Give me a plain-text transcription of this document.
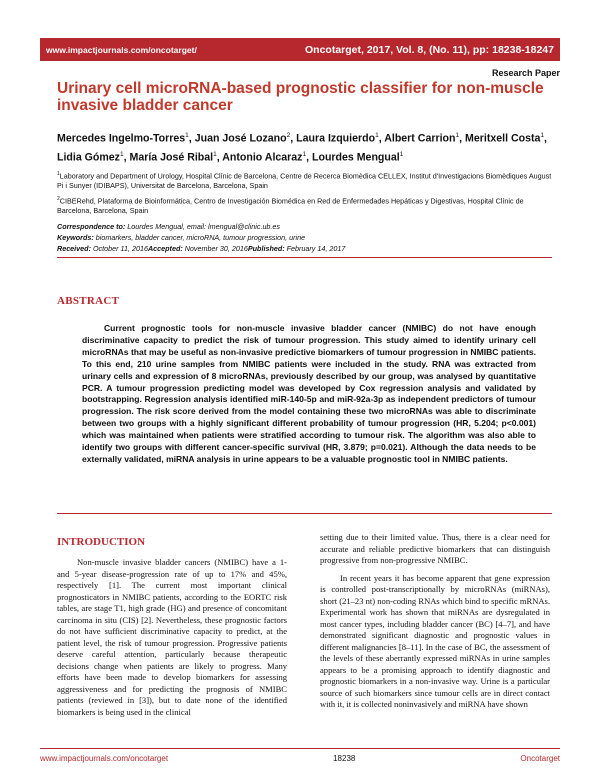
www.impactjournals.com/oncotarget/	Oncotarget, 2017, Vol. 8, (No. 11), pp: 18238-18247
Research Paper
Urinary cell microRNA-based prognostic classifier for non-muscle invasive bladder cancer
Mercedes Ingelmo-Torres$^1$, Juan José Lozano$^2$, Laura Izquierdo$^1$, Albert Carrion$^1$, Meritxell Costa$^1$, Lidia Gómez$^1$, María José Ribal$^1$, Antonio Alcaraz$^1$, Lourdes Mengual$^1$
$^1$Laboratory and Department of Urology, Hospital Clínic de Barcelona, Centre de Recerca Biomèdica CELLEX, Institut d'Investigacions Biomèdiques August Pi i Sunyer (IDIBAPS), Universitat de Barcelona, Barcelona, Spain
$^2$CIBERehd, Plataforma de Bioinformática, Centro de Investigación Biomédica en Red de Enfermedades Hepáticas y Digestivas, Hospital Clínic de Barcelona, Barcelona, Spain
Correspondence to: Lourdes Mengual, email: lmengual@clinic.ub.es
Keywords: biomarkers, bladder cancer, microRNA, tumour progression, urine
Received: October 11, 2016Accepted: November 30, 2016Published: February 14, 2017
ABSTRACT
Current prognostic tools for non-muscle invasive bladder cancer (NMIBC) do not have enough discriminative capacity to predict the risk of tumour progression. This study aimed to identify urinary cell microRNAs that may be useful as non-invasive predictive biomarkers of tumour progression in NMIBC patients. To this end, 210 urine samples from NMIBC patients were included in the study. RNA was extracted from urinary cells and expression of 8 microRNAs, previously described by our group, was analysed by quantitative PCR. A tumour progression predicting model was developed by Cox regression analysis and validated by bootstrapping. Regression analysis identified miR-140-5p and miR-92a-3p as independent predictors of tumour progression. The risk score derived from the model containing these two microRNAs was able to discriminate between two groups with a highly significant different probability of tumour progression (HR, 5.204; p<0.001) which was maintained when patients were stratified according to tumour risk. The algorithm was also able to identify two groups with different cancer-specific survival (HR, 3.879; p=0.021). Although the data needs to be externally validated, miRNA analysis in urine appears to be a valuable prognostic tool in NMIBC patients.
INTRODUCTION

Non-muscle invasive bladder cancers (NMIBC) have a 1- and 5-year disease-progression rate of up to 17% and 45%, respectively [1]. The current most important clinical prognosticators in NMIBC patients, according to the EORTC risk tables, are stage T1, high grade (HG) and presence of concomitant carcinoma in situ (CIS) [2]. Nevertheless, these prognostic factors do not have sufficient discriminative capacity to predict, at the patient level, the risk of tumour progression. Progressive patients deserve careful attention, particularly because therapeutic decisions change when patients are likely to progress. Many efforts have been made to develop biomarkers for assessing aggressiveness and for predicting the prognosis of NMIBC patients (reviewed in [3]), but to date none of the identified biomarkers is being used in the clinical

setting due to their limited value. Thus, there is a clear need for accurate and reliable predictive biomarkers that can distinguish progressive from non-progressive NMIBC.

In recent years it has become apparent that gene expression is controlled post-transcriptionally by microRNAs (miRNAs), short (21–23 nt) non-coding RNAs which bind to specific mRNAs. Experimental work has shown that miRNAs are dysregulated in most cancer types, including bladder cancer (BC) [4–7], and have demonstrated significant diagnostic and prognostic values in different malignancies [8–11]. In the case of BC, the assessment of the levels of these aberrantly expressed miRNAs in urine samples appears to be a promising approach to identify diagnostic and prognostic biomarkers in a non-invasive way. Urine is a particular source of such biomarkers since tumour cells are in direct contact with it, it is collected noninvasively and miRNA have shown

www.impactjournals.com/oncotarget	18238	Oncotarget
